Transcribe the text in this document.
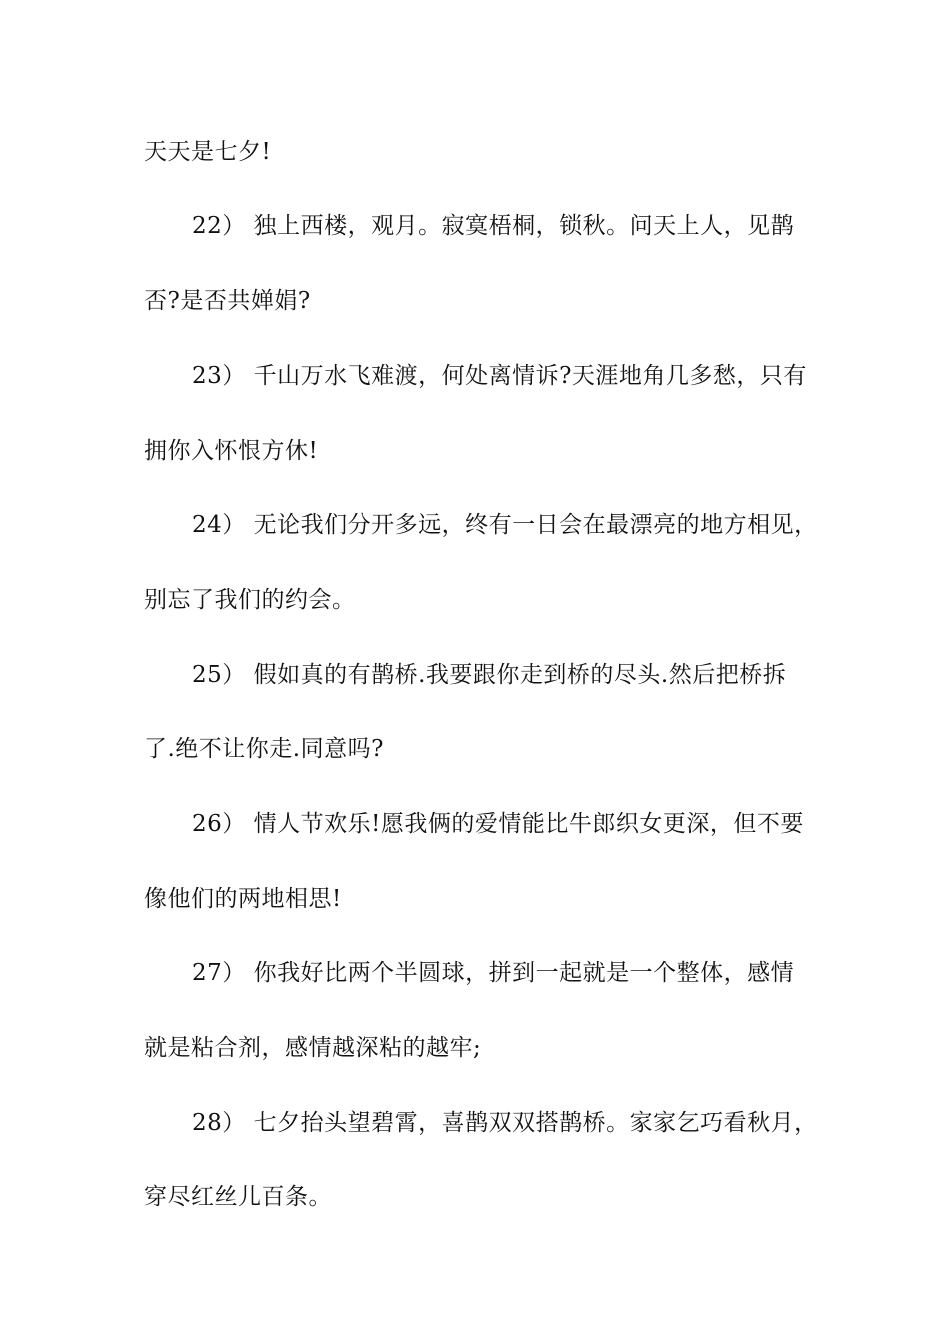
天天是七夕!
22） 独上西楼，观月。寂寞梧桐，锁秋。问天上人，见鹊
否?是否共婵娟?
23） 千山万水飞难渡，何处离情诉?天涯地角几多愁，只有
拥你入怀恨方休!
24） 无论我们分开多远，终有一日会在最漂亮的地方相见，
别忘了我们的约会。
25） 假如真的有鹊桥.我要跟你走到桥的尽头.然后把桥拆
了.绝不让你走.同意吗?
26） 情人节欢乐!愿我俩的爱情能比牛郎织女更深，但不要
像他们的两地相思!
27） 你我好比两个半圆球，拼到一起就是一个整体，感情
就是粘合剂，感情越深粘的越牢;
28） 七夕抬头望碧霄，喜鹊双双搭鹊桥。家家乞巧看秋月，
穿尽红丝儿百条。
